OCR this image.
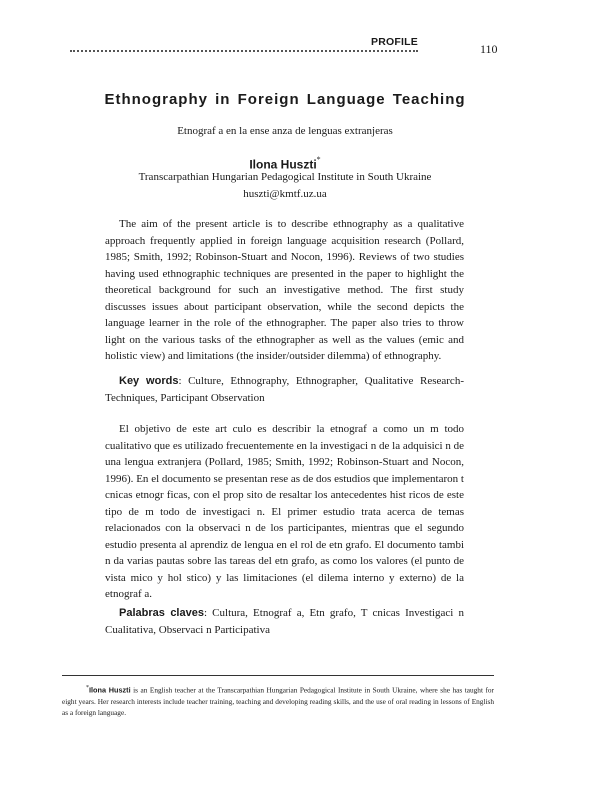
PROFILE	110
Ethnography in Foreign Language Teaching
Etnograf a en la ense anza de lenguas extranjeras
Ilona Huszti*
Transcarpathian Hungarian Pedagogical Institute in South Ukraine
huszti@kmtf.uz.ua

The aim of the present article is to describe ethnography as a qualitative approach frequently applied in foreign language acquisition research (Pollard, 1985; Smith, 1992; Robinson-Stuart and Nocon, 1996). Reviews of two studies having used ethnographic techniques are presented in the paper to highlight the theoretical background for such an investigative method. The first study discusses issues about participant observation, while the second depicts the language learner in the role of the ethnographer. The paper also tries to throw light on the various tasks of the ethnographer as well as the values (emic and holistic view) and limitations (the insider/outsider dilemma) of ethnography.

Key words: Culture, Ethnography, Ethnographer, Qualitative Research-Techniques, Participant Observation

El objetivo de este art culo es describir la etnograf a como un m todo cualitativo que es utilizado frecuentemente en la investigaci n de la adquisici n de una lengua extranjera (Pollard, 1985; Smith, 1992; Robinson-Stuart and Nocon, 1996). En el documento se presentan rese as de dos estudios que implementaron t cnicas etnogr ficas, con el prop sito de resaltar los antecedentes hist ricos de este tipo de m todo de investigaci n. El primer estudio trata acerca de temas relacionados con la observaci n de los participantes, mientras que el segundo estudio presenta al aprendiz de lengua en el rol de etn grafo. El documento tambi n da varias pautas sobre las tareas del etn grafo, as como los valores (el punto de vista mico y hol stico) y las limitaciones (el dilema interno y externo) de la etnograf a.

Palabras claves: Cultura, Etnograf a, Etn grafo, T cnicas Investigaci n Cualitativa, Observaci n Participativa

*Ilona Huszti is an English teacher at the Transcarpathian Hungarian Pedagogical Institute in South Ukraine, where she has taught for eight years. Her research interests include teacher training, teaching and developing reading skills, and the use of oral reading in lessons of English as a foreign language.
